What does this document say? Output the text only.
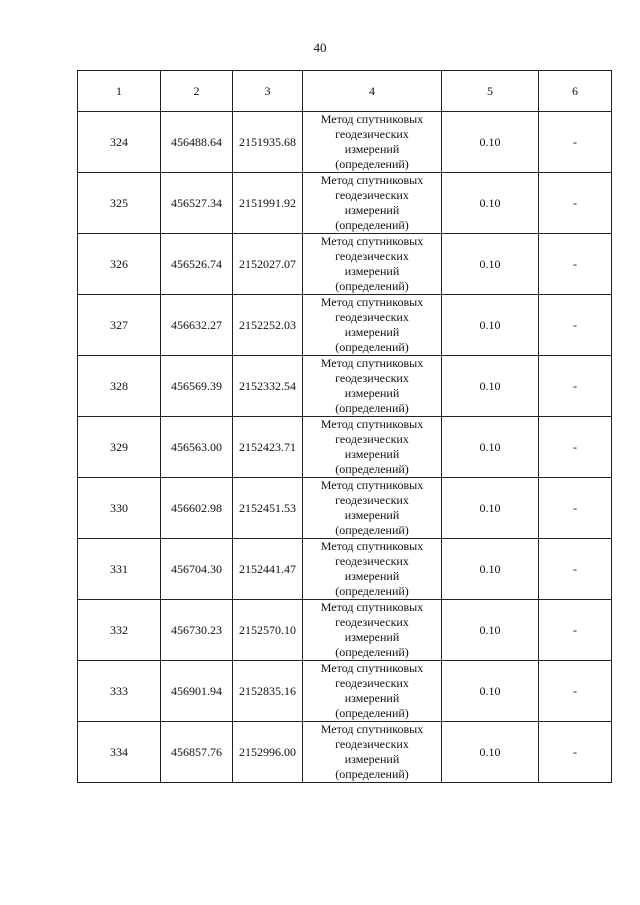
40
1	2	3	4	5	6
324	456488.64	2151935.68	Метод спутниковых
геодезических
измерений
(определений)	0.10	-
325	456527.34	2151991.92	Метод спутниковых
геодезических
измерений
(определений)	0.10	-
326	456526.74	2152027.07	Метод спутниковых
геодезических
измерений
(определений)	0.10	-
327	456632.27	2152252.03	Метод спутниковых
геодезических
измерений
(определений)	0.10	-
328	456569.39	2152332.54	Метод спутниковых
геодезических
измерений
(определений)	0.10	-
329	456563.00	2152423.71	Метод спутниковых
геодезических
измерений
(определений)	0.10	-
330	456602.98	2152451.53	Метод спутниковых
геодезических
измерений
(определений)	0.10	-
331	456704.30	2152441.47	Метод спутниковых
геодезических
измерений
(определений)	0.10	-
332	456730.23	2152570.10	Метод спутниковых
геодезических
измерений
(определений)	0.10	-
333	456901.94	2152835.16	Метод спутниковых
геодезических
измерений
(определений)	0.10	-
334	456857.76	2152996.00	Метод спутниковых
геодезических
измерений
(определений)	0.10	-
